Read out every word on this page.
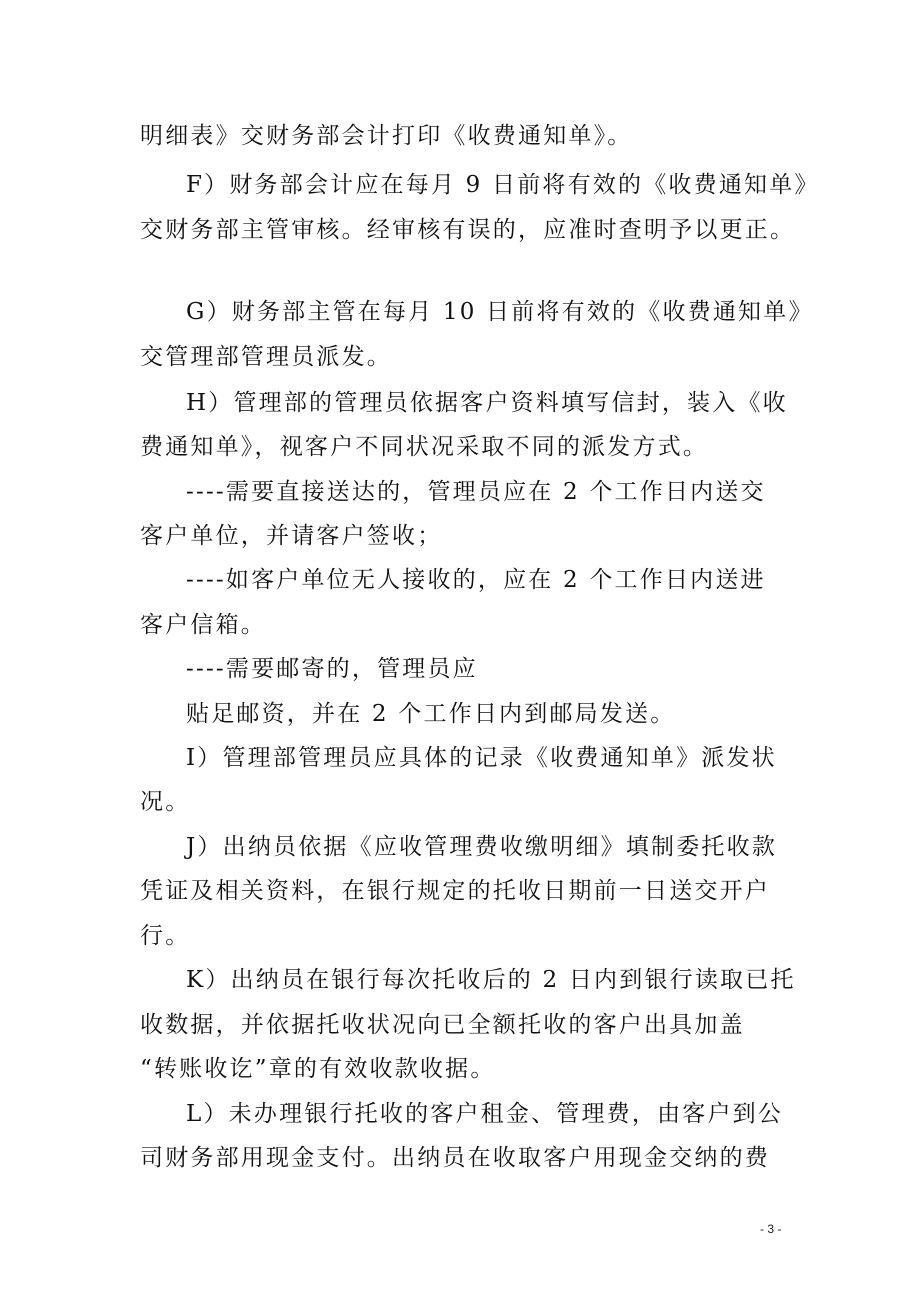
明细表》交财务部会计打印《收费通知单》。
F）财务部会计应在每月 9 日前将有效的《收费通知单》
交财务部主管审核。经审核有误的，应准时查明予以更正。
G）财务部主管在每月 10 日前将有效的《收费通知单》
交管理部管理员派发。
H）管理部的管理员依据客户资料填写信封，装入《收
费通知单》，视客户不同状况采取不同的派发方式。
----需要直接送达的，管理员应在 2 个工作日内送交
客户单位，并请客户签收；
----如客户单位无人接收的，应在 2 个工作日内送进
客户信箱。
----需要邮寄的，管理员应
贴足邮资，并在 2 个工作日内到邮局发送。
I）管理部管理员应具体的记录《收费通知单》派发状
况。
J）出纳员依据《应收管理费收缴明细》填制委托收款
凭证及相关资料，在银行规定的托收日期前一日送交开户
行。
K）出纳员在银行每次托收后的 2 日内到银行读取已托
收数据，并依据托收状况向已全额托收的客户出具加盖
“转账收讫”章的有效收款收据。
L）未办理银行托收的客户租金、管理费，由客户到公
司财务部用现金支付。出纳员在收取客户用现金交纳的费
- 3 -
